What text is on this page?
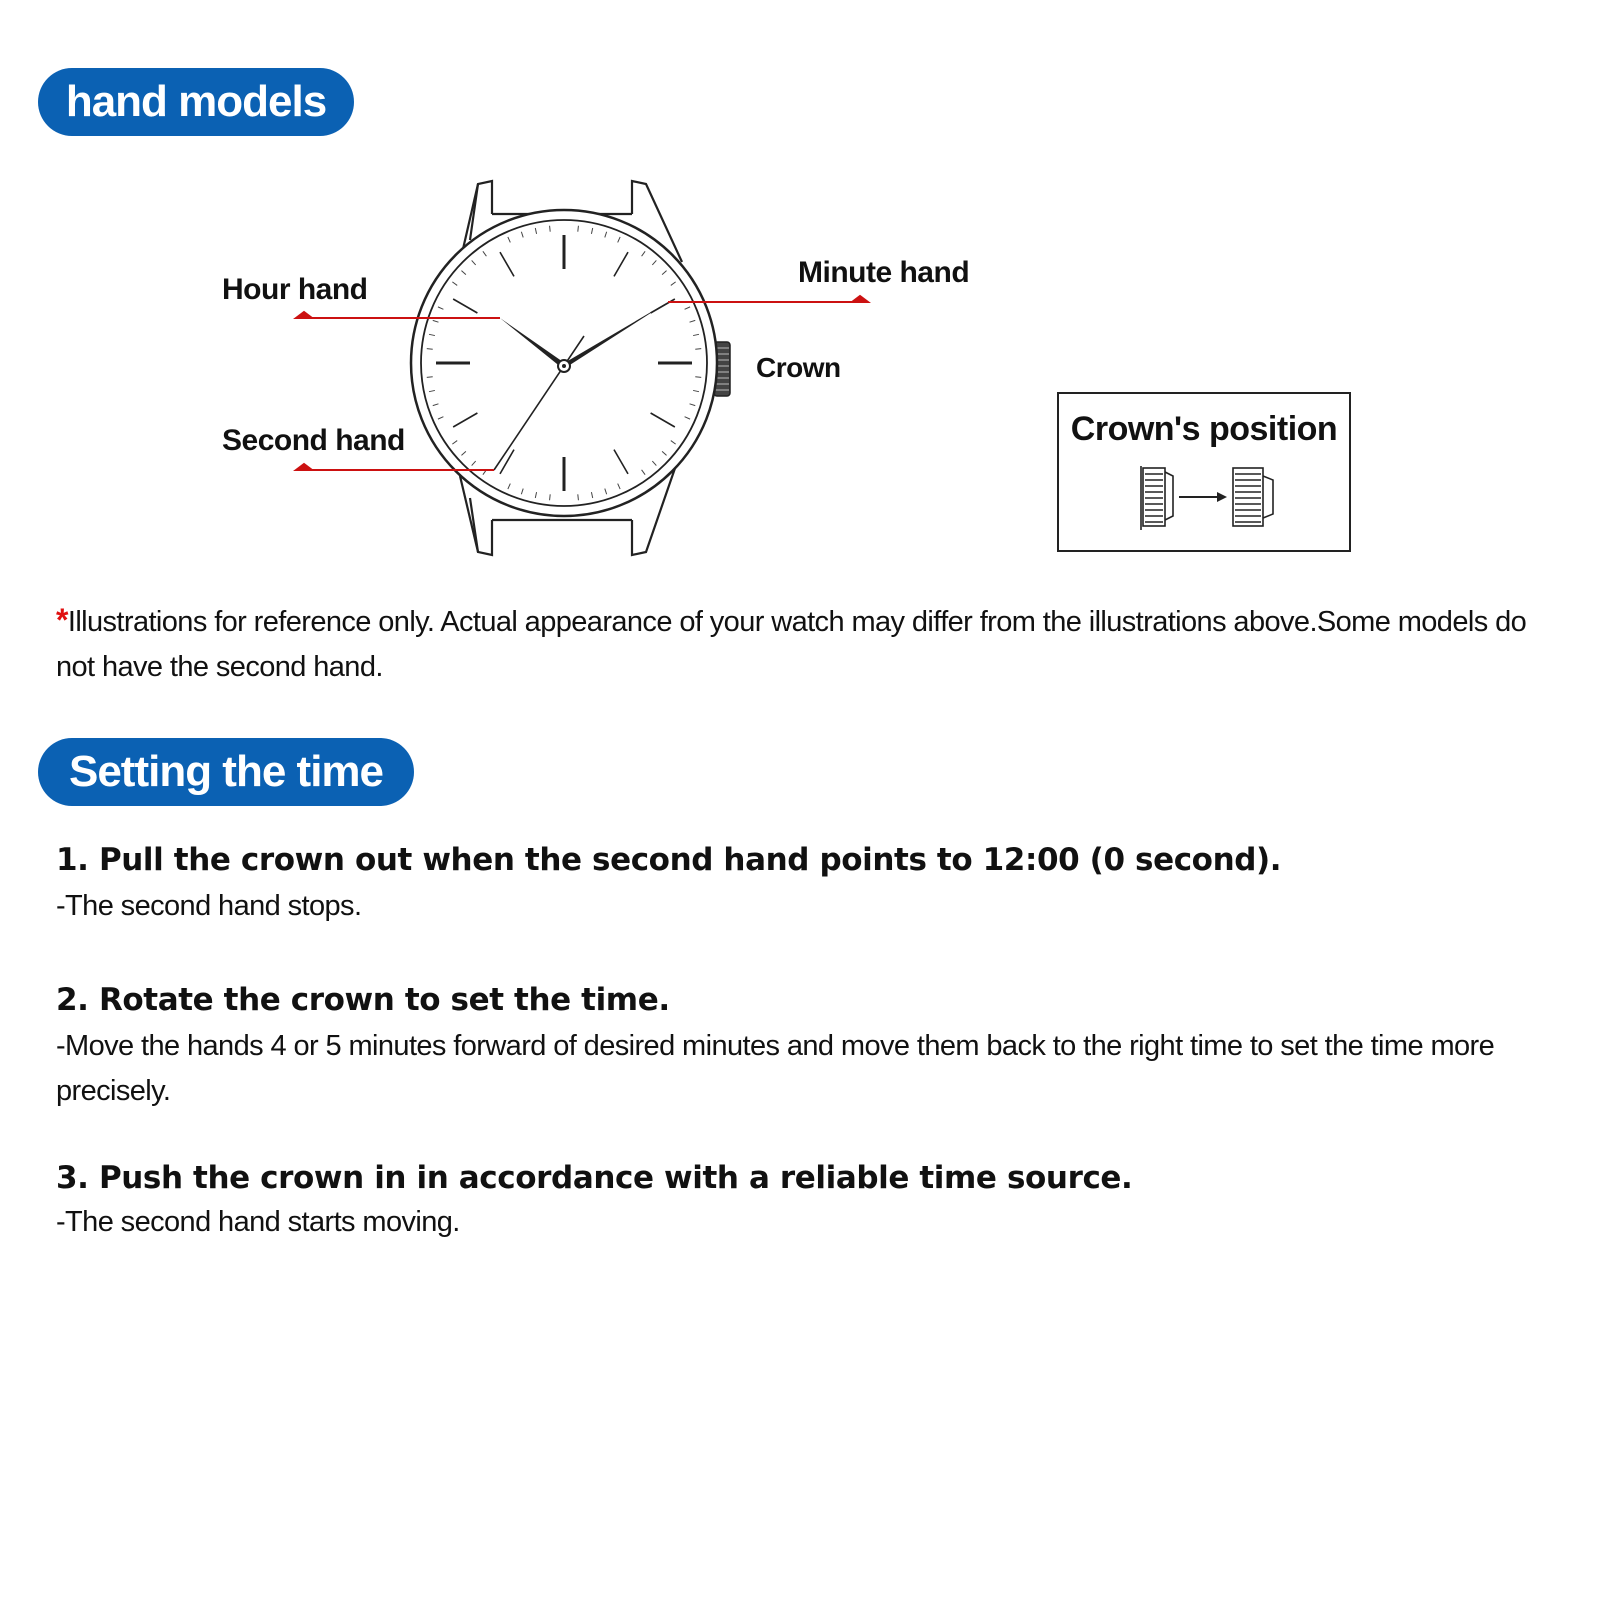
hand models
Hour hand
Second hand
Minute hand
Crown
Crown's position
*Illustrations for reference only. Actual appearance of your watch may differ from the illustrations above.Some models do not have the second hand.
Setting the time
1. Pull the crown out when the second hand points to 12:00 (0 second).
-The second hand stops.
2. Rotate the crown to set the time.
-Move the hands 4 or 5 minutes forward of desired minutes and move them back to the right time to set the time more precisely.
3. Push the crown in in accordance with a reliable time source.
-The second hand starts moving.
